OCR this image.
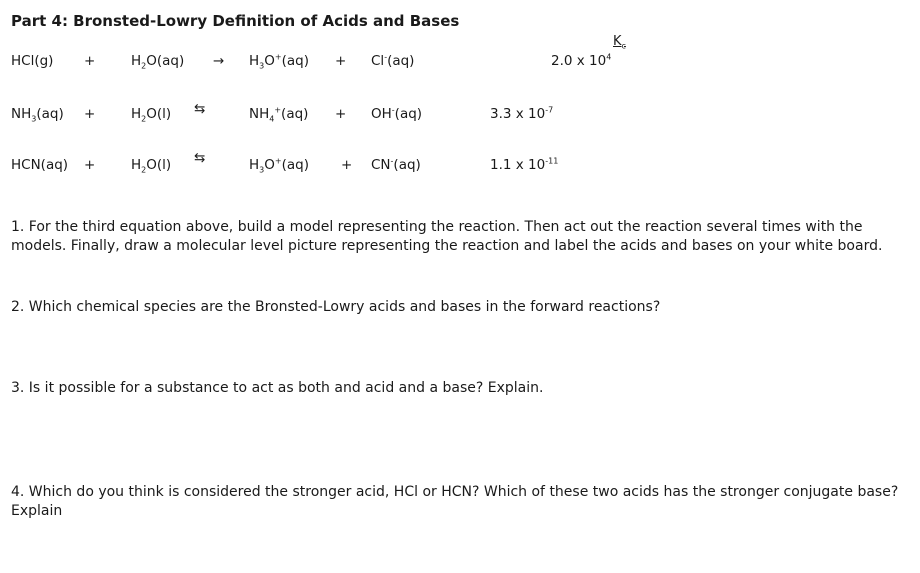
Part 4: Bronsted-Lowry Definition of Acids and Bases
$K_c$
HCl(g) +	$H_2O(aq) \to H_3O^+(aq) + Cl^-(aq)$	2.0 x $10^4$
$NH_3(aq)$ +	$H_2O(l)$ ⇆	$NH_4^+(aq) + OH^-(aq)$	3.3 x $10^{-7}$
HCN(aq) +	$H_2O(l)$ ⇆	$H_3O^+(aq) + CN^-(aq)$	1.1 x $10^{-11}$
1. For the third equation above, build a model representing the reaction. Then act out the reaction several times with the models. Finally, draw a molecular level picture representing the reaction and label the acids and bases on your white board.
2. Which chemical species are the Bronsted-Lowry acids and bases in the forward reactions?
3. Is it possible for a substance to act as both and acid and a base? Explain.
4. Which do you think is considered the stronger acid, HCl or HCN? Which of these two acids has the stronger conjugate base? Explain
